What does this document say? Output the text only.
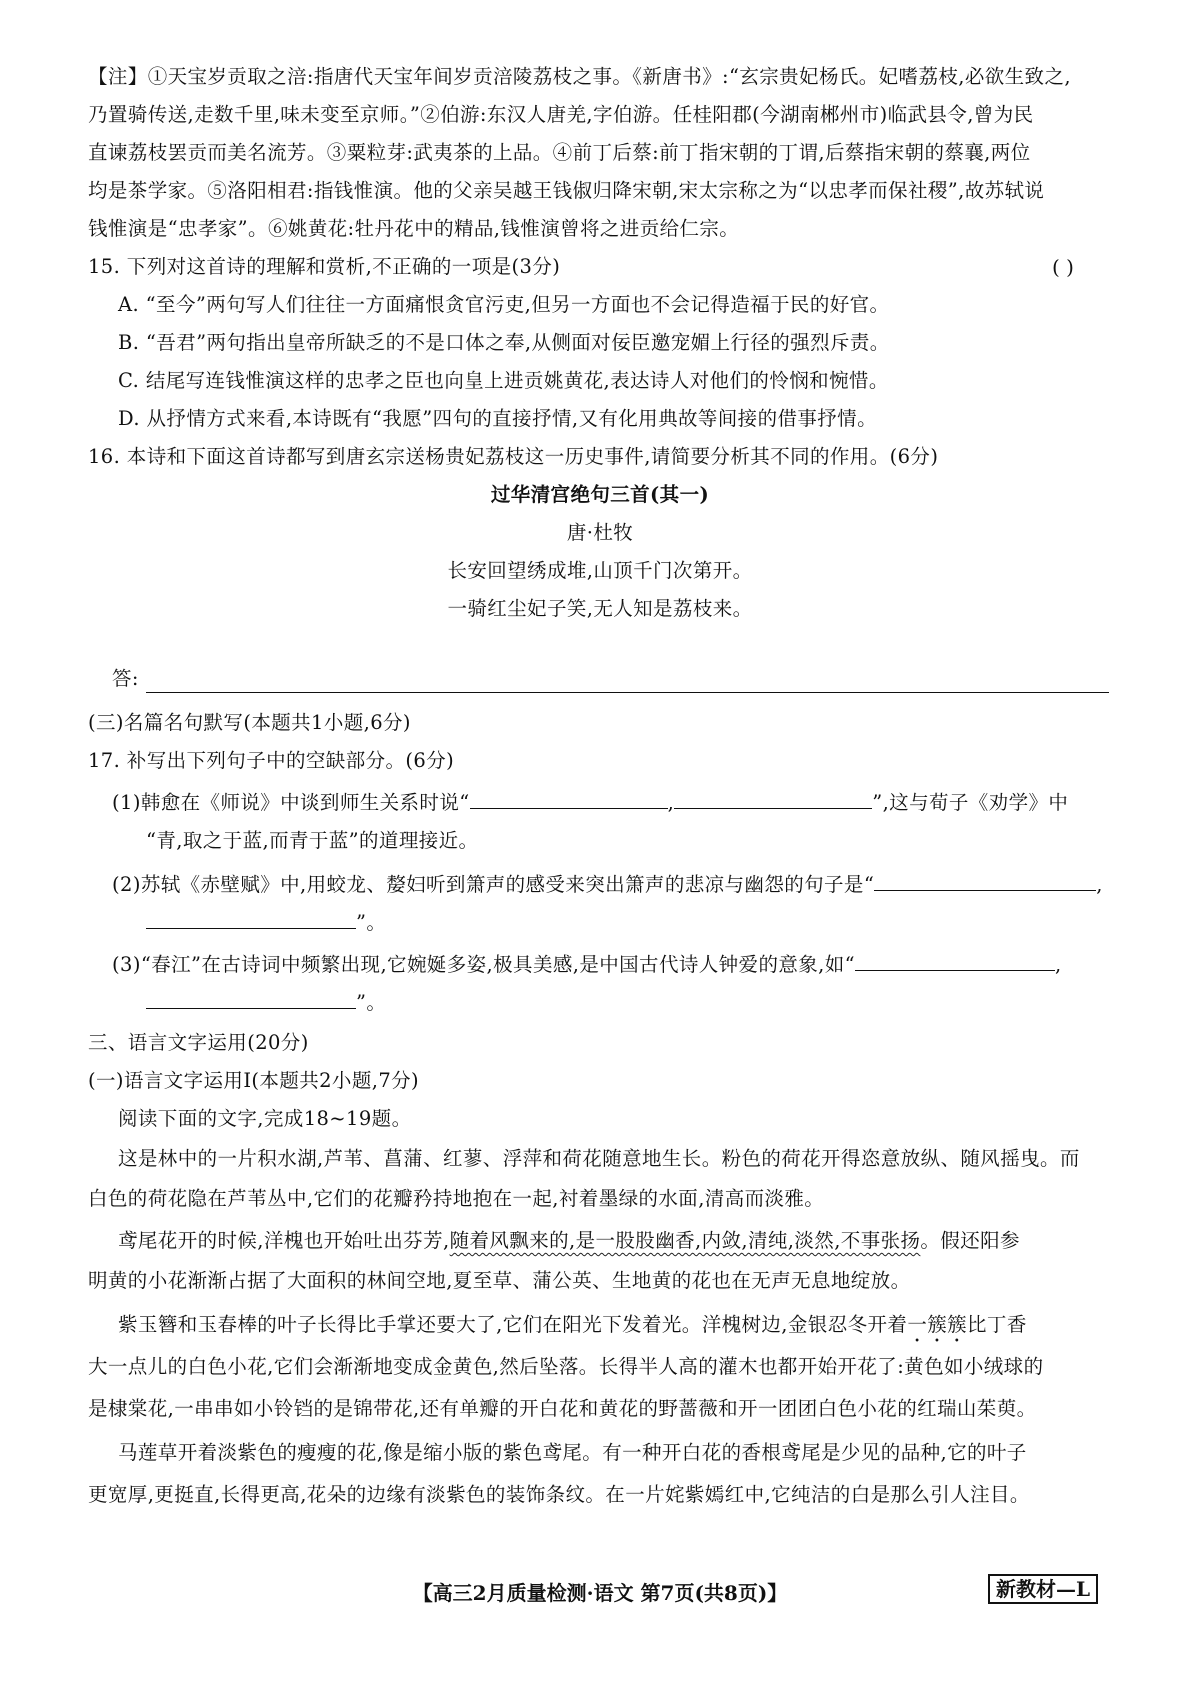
【注】①天宝岁贡取之涪:指唐代天宝年间岁贡涪陵荔枝之事。《新唐书》:“玄宗贵妃杨氏。妃嗜荔枝,必欲生致之,
乃置骑传送,走数千里,味未变至京师。”②伯游:东汉人唐羌,字伯游。任桂阳郡(今湖南郴州市)临武县令,曾为民
直谏荔枝罢贡而美名流芳。③粟粒芽:武夷茶的上品。④前丁后蔡:前丁指宋朝的丁谓,后蔡指宋朝的蔡襄,两位
均是茶学家。⑤洛阳相君:指钱惟演。他的父亲吴越王钱俶归降宋朝,宋太宗称之为“以忠孝而保社稷”,故苏轼说
钱惟演是“忠孝家”。⑥姚黄花:牡丹花中的精品,钱惟演曾将之进贡给仁宗。
15. 下列对这首诗的理解和赏析,不正确的一项是(3分)	( )
A. “至今”两句写人们往往一方面痛恨贪官污吏,但另一方面也不会记得造福于民的好官。
B. “吾君”两句指出皇帝所缺乏的不是口体之奉,从侧面对佞臣邀宠媚上行径的强烈斥责。
C. 结尾写连钱惟演这样的忠孝之臣也向皇上进贡姚黄花,表达诗人对他们的怜悯和惋惜。
D. 从抒情方式来看,本诗既有“我愿”四句的直接抒情,又有化用典故等间接的借事抒情。
16. 本诗和下面这首诗都写到唐玄宗送杨贵妃荔枝这一历史事件,请简要分析其不同的作用。(6分)
过华清宫绝句三首(其一)
唐·杜牧
长安回望绣成堆,山顶千门次第开。
一骑红尘妃子笑,无人知是荔枝来。
答:
(三)名篇名句默写(本题共1小题,6分)
17. 补写出下列句子中的空缺部分。(6分)
(1)韩愈在《师说》中谈到师生关系时说“	,	”,这与荀子《劝学》中
“青,取之于蓝,而青于蓝”的道理接近。
(2)苏轼《赤壁赋》中,用蛟龙、嫠妇听到箫声的感受来突出箫声的悲凉与幽怨的句子是“	,
”。
(3)“春江”在古诗词中频繁出现,它婉娫多姿,极具美感,是中国古代诗人钟爱的意象,如“	,
”。
三、语言文字运用(20分)
(一)语言文字运用Ⅰ(本题共2小题,7分)
阅读下面的文字,完成18~19题。
这是林中的一片积水湖,芦苇、菖蒲、红蓼、浮萍和荷花随意地生长。粉色的荷花开得恣意放纵、随风摇曳。而
白色的荷花隐在芦苇丛中,它们的花瓣矜持地抱在一起,衬着墨绿的水面,清高而淡雅。
鸢尾花开的时候,洋槐也开始吐出芬芳,随着风飘来的,是一股股幽香,内敛,清纯,淡然,不事张扬。假还阳参
明黄的小花渐渐占据了大面积的林间空地,夏至草、蒲公英、生地黄的花也在无声无息地绽放。
紫玉簪和玉春棒的叶子长得比手掌还要大了,它们在阳光下发着光。洋槐树边,金银忍冬开着一簇簇比丁香
大一点儿的白色小花,它们会渐渐地变成金黄色,然后坠落。长得半人高的灌木也都开始开花了:黄色如小绒球的
是棣棠花,一串串如小铃铛的是锦带花,还有单瓣的开白花和黄花的野蔷薇和开一团团白色小花的红瑞山茱萸。
马莲草开着淡紫色的瘦瘦的花,像是缩小版的紫色鸢尾。有一种开白花的香根鸢尾是少见的品种,它的叶子
更宽厚,更挺直,长得更高,花朵的边缘有淡紫色的装饰条纹。在一片姹紫嫣红中,它纯洁的白是那么引人注目。
【高三2月质量检测·语文 第7页(共8页)】	新教材—L
